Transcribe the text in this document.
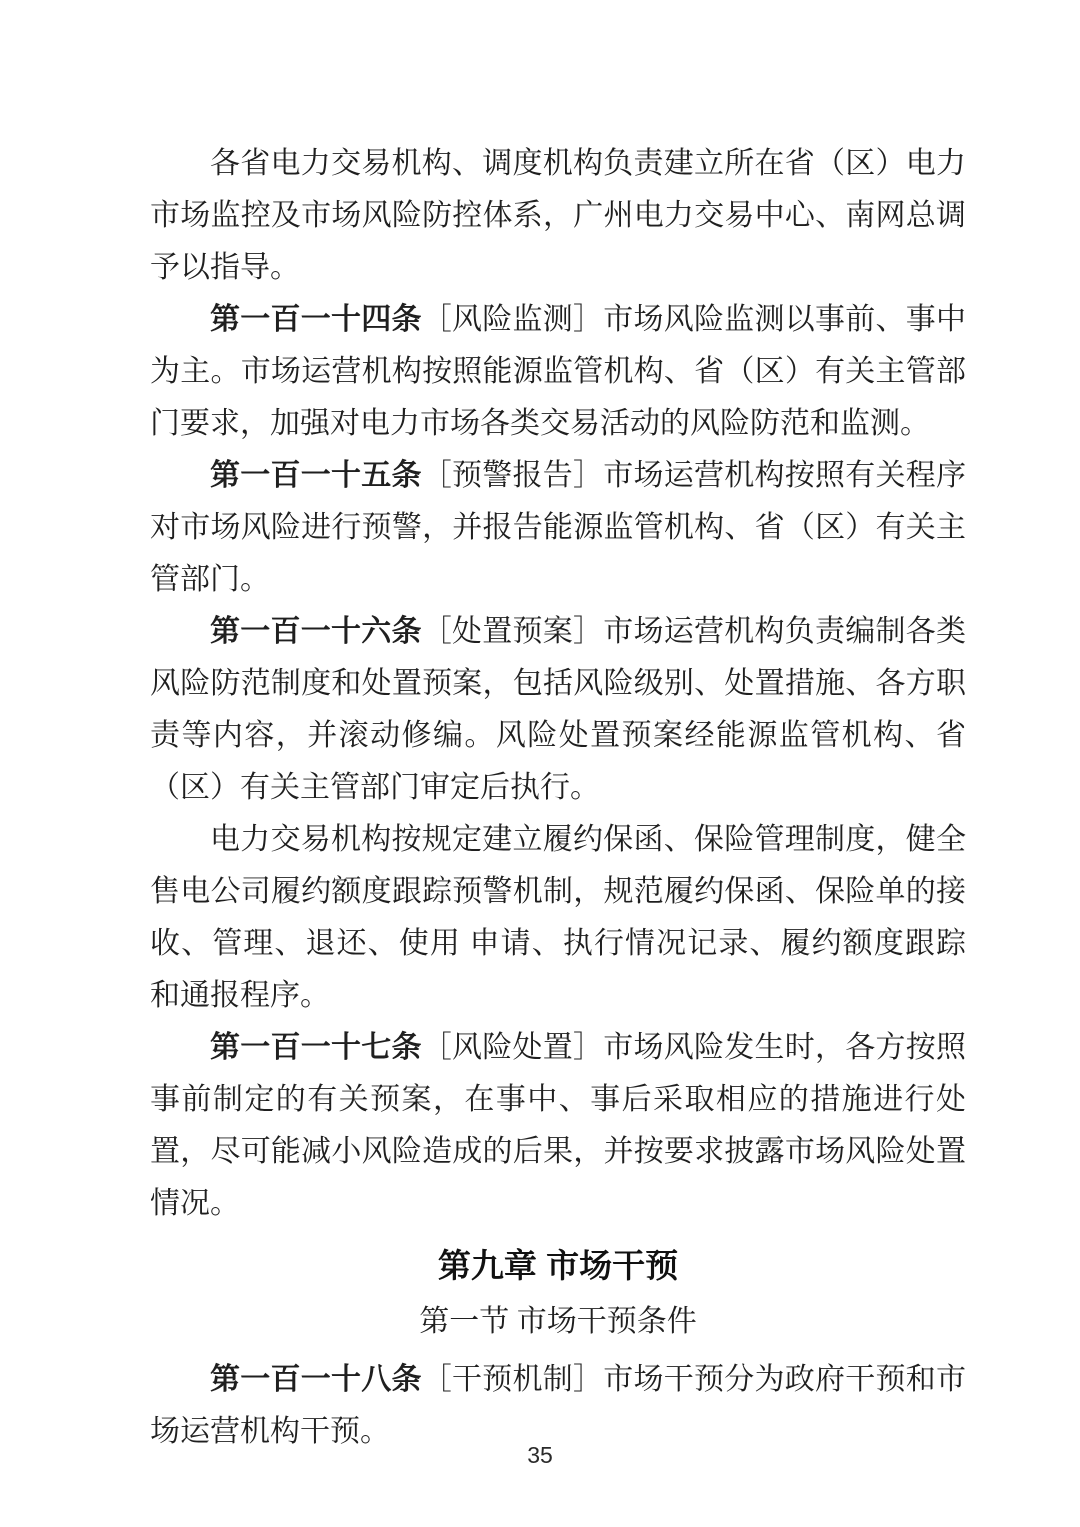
各省电力交易机构、调度机构负责建立所在省（区）电力市场监控及市场风险防控体系，广州电力交易中心、南网总调予以指导。

第一百一十四条［风险监测］市场风险监测以事前、事中为主。市场运营机构按照能源监管机构、省（区）有关主管部门要求，加强对电力市场各类交易活动的风险防范和监测。

第一百一十五条［预警报告］市场运营机构按照有关程序对市场风险进行预警，并报告能源监管机构、省（区）有关主管部门。

第一百一十六条［处置预案］市场运营机构负责编制各类风险防范制度和处置预案，包括风险级别、处置措施、各方职责等内容，并滚动修编。风险处置预案经能源监管机构、省（区）有关主管部门审定后执行。

电力交易机构按规定建立履约保函、保险管理制度，健全售电公司履约额度跟踪预警机制，规范履约保函、保险单的接收、管理、退还、使用 申请、执行情况记录、履约额度跟踪和通报程序。

第一百一十七条［风险处置］市场风险发生时，各方按照事前制定的有关预案，在事中、事后采取相应的措施进行处置，尽可能减小风险造成的后果，并按要求披露市场风险处置情况。

第九章 市场干预
第一节 市场干预条件

第一百一十八条［干预机制］市场干预分为政府干预和市场运营机构干预。

35
